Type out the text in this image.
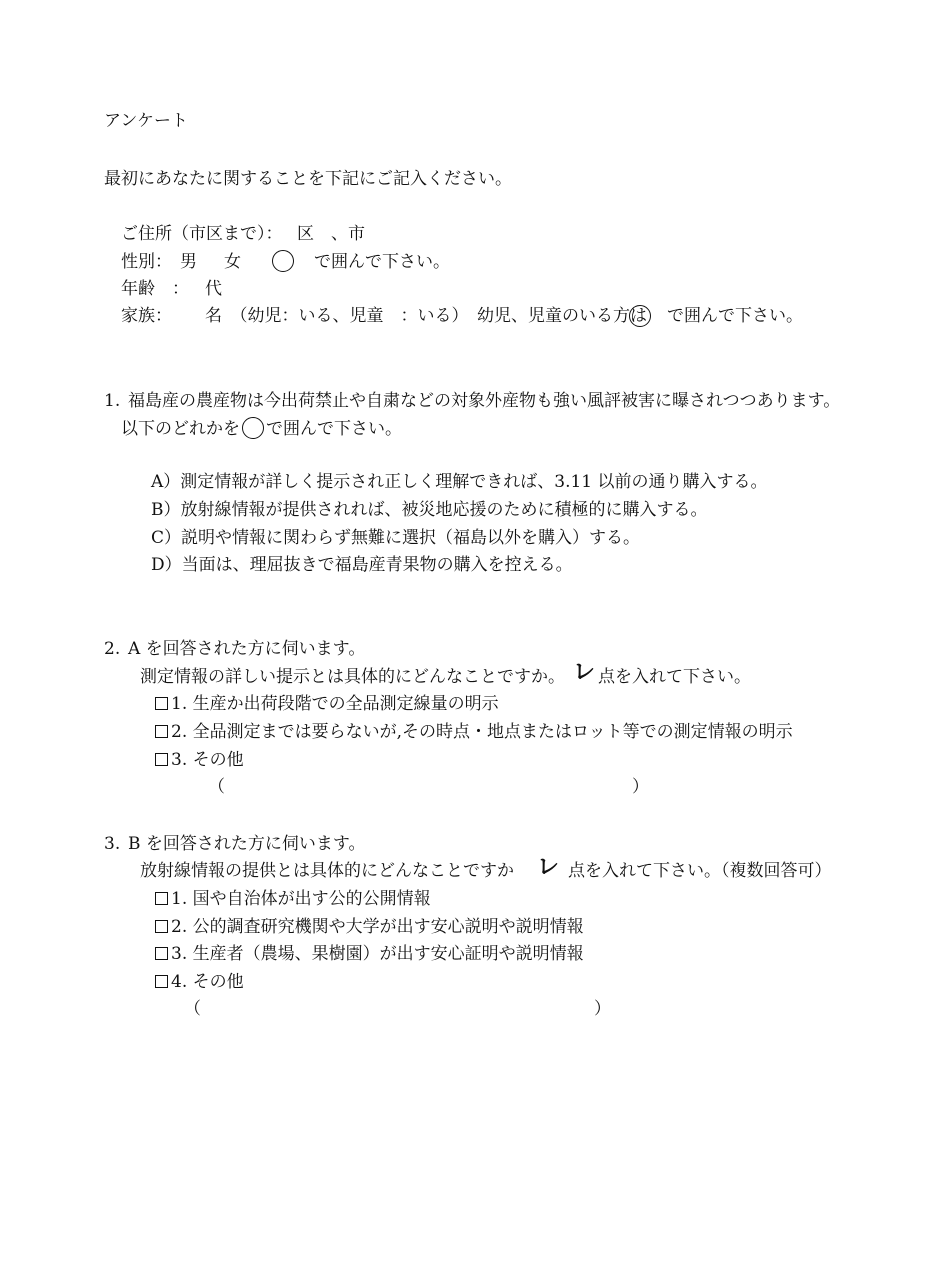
アンケート
最初にあなたに関することを下記にご記入ください。
ご住所（市区まで）： 区　、市
性別： 男 女	で囲んで下さい。
年齢　： 代
家族： 名　（幼児：いる、児童　：いる）　幼児、児童のいる方は で囲んで下さい。
1. 福島産の農産物は今出荷禁止や自粛などの対象外産物も強い風評被害に曝されつつあります。
以下のどれかを ○ で囲んで下さい。
A）測定情報が詳しく提示され正しく理解できれば、3.11 以前の通り購入する。
B）放射線情報が提供されれば、被災地応援のために積極的に購入する。
C）説明や情報に関わらず無難に選択（福島以外を購入）する。
D）当面は、理屈抜きで福島産青果物の購入を控える。
2. A を回答された方に伺います。
測定情報の詳しい提示とは具体的にどんなことですか。 レ 点を入れて下さい。
1. 生産か出荷段階での全品測定線量の明示
2. 全品測定までは要らないが,その時点・地点またはロット等での測定情報の明示
3. その他
（	）
3. B を回答された方に伺います。
放射線情報の提供とは具体的にどんなことですか レ 点を入れて下さい。（複数回答可）
1. 国や自治体が出す公的公開情報
2. 公的調査研究機関や大学が出す安心説明や説明情報
3. 生産者（農場、果樹園）が出す安心証明や説明情報
4. その他
（	）
